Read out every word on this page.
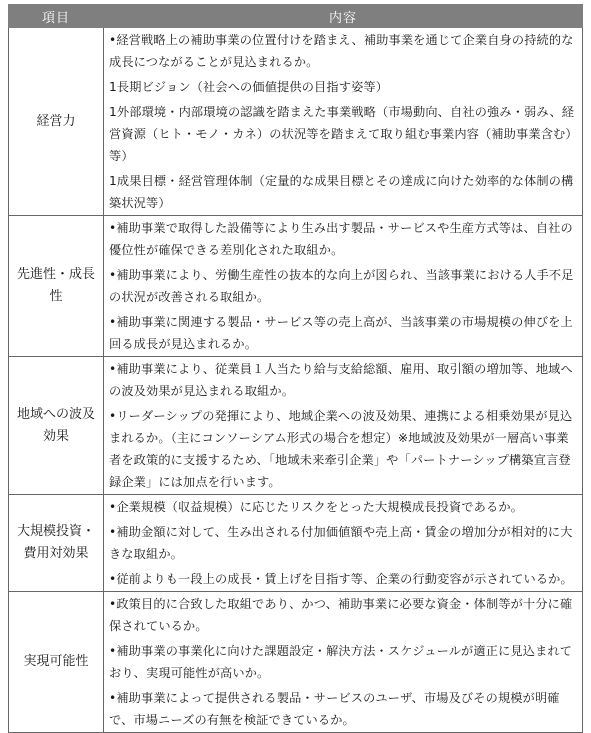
項目	内容
経営力	•経営戦略上の補助事業の位置付けを踏まえ、補助事業を通じて企業自身の持続的な成長につながることが見込まれるか。
1長期ビジョン（社会への価値提供の目指す姿等）
1外部環境・内部環境の認識を踏まえた事業戦略（市場動向、自社の強み・弱み、経営資源（ヒト・モノ・カネ）の状況等を踏まえて取り組む事業内容（補助事業含む）等）
1成果目標・経営管理体制（定量的な成果目標とその達成に向けた効率的な体制の構築状況等）

先進性・成長性	•補助事業で取得した設備等により生み出す製品・サービスや生産方式等は、自社の優位性が確保できる差別化された取組か。
•補助事業により、労働生産性の抜本的な向上が図られ、当該事業における人手不足の状況が改善される取組か。
•補助事業に関連する製品・サービス等の売上高が、当該事業の市場規模の伸びを上回る成長が見込まれるか。

地域への波及効果	•補助事業により、従業員１人当たり給与支給総額、雇用、取引額の増加等、地域への波及効果が見込まれる取組か。
•リーダーシップの発揮により、地域企業への波及効果、連携による相乗効果が見込まれるか。（主にコンソーシアム形式の場合を想定）※地域波及効果が一層高い事業者を政策的に支援するため、「地域未来牽引企業」や「パートナーシップ構築宣言登録企業」には加点を行います。

大規模投資・費用対効果	•企業規模（収益規模）に応じたリスクをとった大規模成長投資であるか。
•補助金額に対して、生み出される付加価値額や売上高・賃金の増加分が相対的に大きな取組か。
•従前よりも一段上の成長・賃上げを目指す等、企業の行動変容が示されているか。

実現可能性	•政策目的に合致した取組であり、かつ、補助事業に必要な資金・体制等が十分に確保されているか。
•補助事業の事業化に向けた課題設定・解決方法・スケジュールが適正に見込まれており、実現可能性が高いか。
•補助事業によって提供される製品・サービスのユーザ、市場及びその規模が明確で、市場ニーズの有無を検証できているか。
